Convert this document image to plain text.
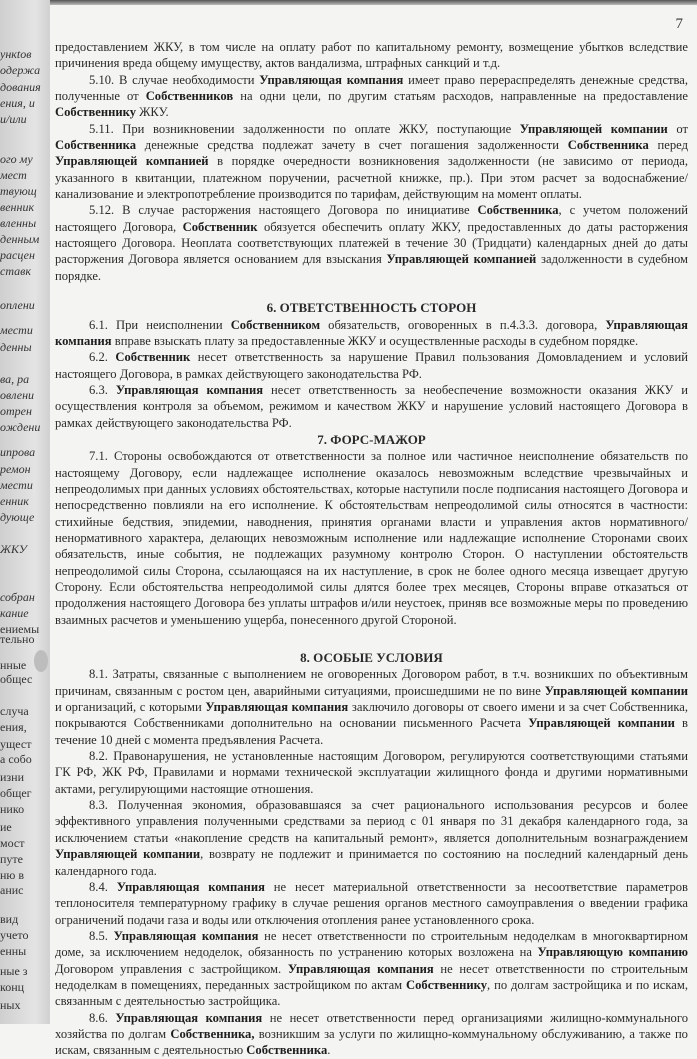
ункtов
одержа
дования
ения, и
и/или
ого му
мест
твующ
венник
вленны
денным
расцен
ставк
оплени
мести
денны
ва, ра
овлени
отрен
ождени
ипрова
ремон
мести
енник
дующе
ЖКУ
собран
кание
ениемы
тельно
нные
общес
случа
ения,
ущест
а собо
изни
общег
нико
ие
мост
путе
ню в
анис
вид
учето
енны
ные з
конц
ных
7

предоставлением ЖКУ, в том числе на оплату работ по капитальному ремонту, возмещение убытков вследствие причинения вреда общему имуществу, актов вандализма, штрафных санкций и т.д.

5.10. В случае необходимости Управляющая компания имеет право перераспределять денежные средства, полученные от Собственников на одни цели, по другим статьям расходов, направленные на предоставление Собственнику ЖКУ.

5.11. При возникновении задолженности по оплате ЖКУ, поступающие Управляющей компании от Собственника денежные средства подлежат зачету в счет погашения задолженности Собственника перед Управляющей компанией в порядке очередности возникновения задолженности (не зависимо от периода, указанного в квитанции, платежном поручении, расчетной книжке, пр.). При этом расчет за водоснабжение/канализование и электропотребление производится по тарифам, действующим на момент оплаты.

5.12. В случае расторжения настоящего Договора по инициативе Собственника, с учетом положений настоящего Договора, Собственник обязуется обеспечить оплату ЖКУ, предоставленных до даты расторжения настоящего Договора. Неоплата соответствующих платежей в течение 30 (Тридцати) календарных дней до даты расторжения Договора является основанием для взыскания Управляющей компанией задолженности в судебном порядке.

6. ОТВЕТСТВЕННОСТЬ СТОРОН

6.1. При неисполнении Собственником обязательств, оговоренных в п.4.3.3. договора, Управляющая компания вправе взыскать плату за предоставленные ЖКУ и осуществленные расходы в судебном порядке.

6.2. Собственник несет ответственность за нарушение Правил пользования Домовладением и условий настоящего Договора, в рамках действующего законодательства РФ.

6.3. Управляющая компания несет ответственность за необеспечение возможности оказания ЖКУ и осуществления контроля за объемом, режимом и качеством ЖКУ и нарушение условий настоящего Договора в рамках действующего законодательства РФ.

7. ФОРС-МАЖОР

7.1. Стороны освобождаются от ответственности за полное или частичное неисполнение обязательств по настоящему Договору, если надлежащее исполнение оказалось невозможным вследствие чрезвычайных и непреодолимых при данных условиях обстоятельствах, которые наступили после подписания настоящего Договора и непосредственно повлияли на его исполнение. К обстоятельствам непреодолимой силы относятся в частности: стихийные бедствия, эпидемии, наводнения, принятия органами власти и управления актов нормативного/ненормативного характера, делающих невозможным исполнение или надлежащие исполнение Сторонами своих обязательств, иные события, не подлежащих разумному контролю Сторон. О наступлении обстоятельств непреодолимой силы Сторона, ссылающаяся на их наступление, в срок не более одного месяца извещает другую Сторону. Если обстоятельства непреодолимой силы длятся более трех месяцев, Стороны вправе отказаться от продолжения настоящего Договора без уплаты штрафов и/или неустоек, приняв все возможные меры по проведению взаимных расчетов и уменьшению ущерба, понесенного другой Стороной.

8. ОСОБЫЕ УСЛОВИЯ

8.1. Затраты, связанные с выполнением не оговоренных Договором работ, в т.ч. возникших по объективным причинам, связанным с ростом цен, аварийными ситуациями, происшедшими не по вине Управляющей компании и организаций, с которыми Управляющая компания заключило договоры от своего имени и за счет Собственника, покрываются Собственниками дополнительно на основании письменного Расчета Управляющей компании в течение 10 дней с момента предъявления Расчета.

8.2. Правонарушения, не установленные настоящим Договором, регулируются соответствующими статьями ГК РФ, ЖК РФ, Правилами и нормами технической эксплуатации жилищного фонда и другими нормативными актами, регулирующими настоящие отношения.

8.3. Полученная экономия, образовавшаяся за счет рационального использования ресурсов и более эффективного управления полученными средствами за период с 01 января по 31 декабря календарного года, за исключением статьи «накопление средств на капитальный ремонт», является дополнительным вознаграждением Управляющей компании, возврату не подлежит и принимается по состоянию на последний календарный день календарного года.

8.4. Управляющая компания не несет материальной ответственности за несоответствие параметров теплоносителя температурному графику в случае решения органов местного самоуправления о введении графика ограничений подачи газа и воды или отключения отопления ранее установленного срока.

8.5. Управляющая компания не несет ответственности по строительным недоделкам в многоквартирном доме, за исключением недоделок, обязанность по устранению которых возложена на Управляющую компанию Договором управления с застройщиком. Управляющая компания не несет ответственности по строительным недоделкам в помещениях, переданных застройщиком по актам Собственнику, по долгам застройщика и по искам, связанным с деятельностью застройщика.

8.6. Управляющая компания не несет ответственности перед организациями жилищно-коммунального хозяйства по долгам Собственника, возникшим за услуги по жилищно-коммунальному обслуживанию, а также по искам, связанным с деятельностью Собственника.
